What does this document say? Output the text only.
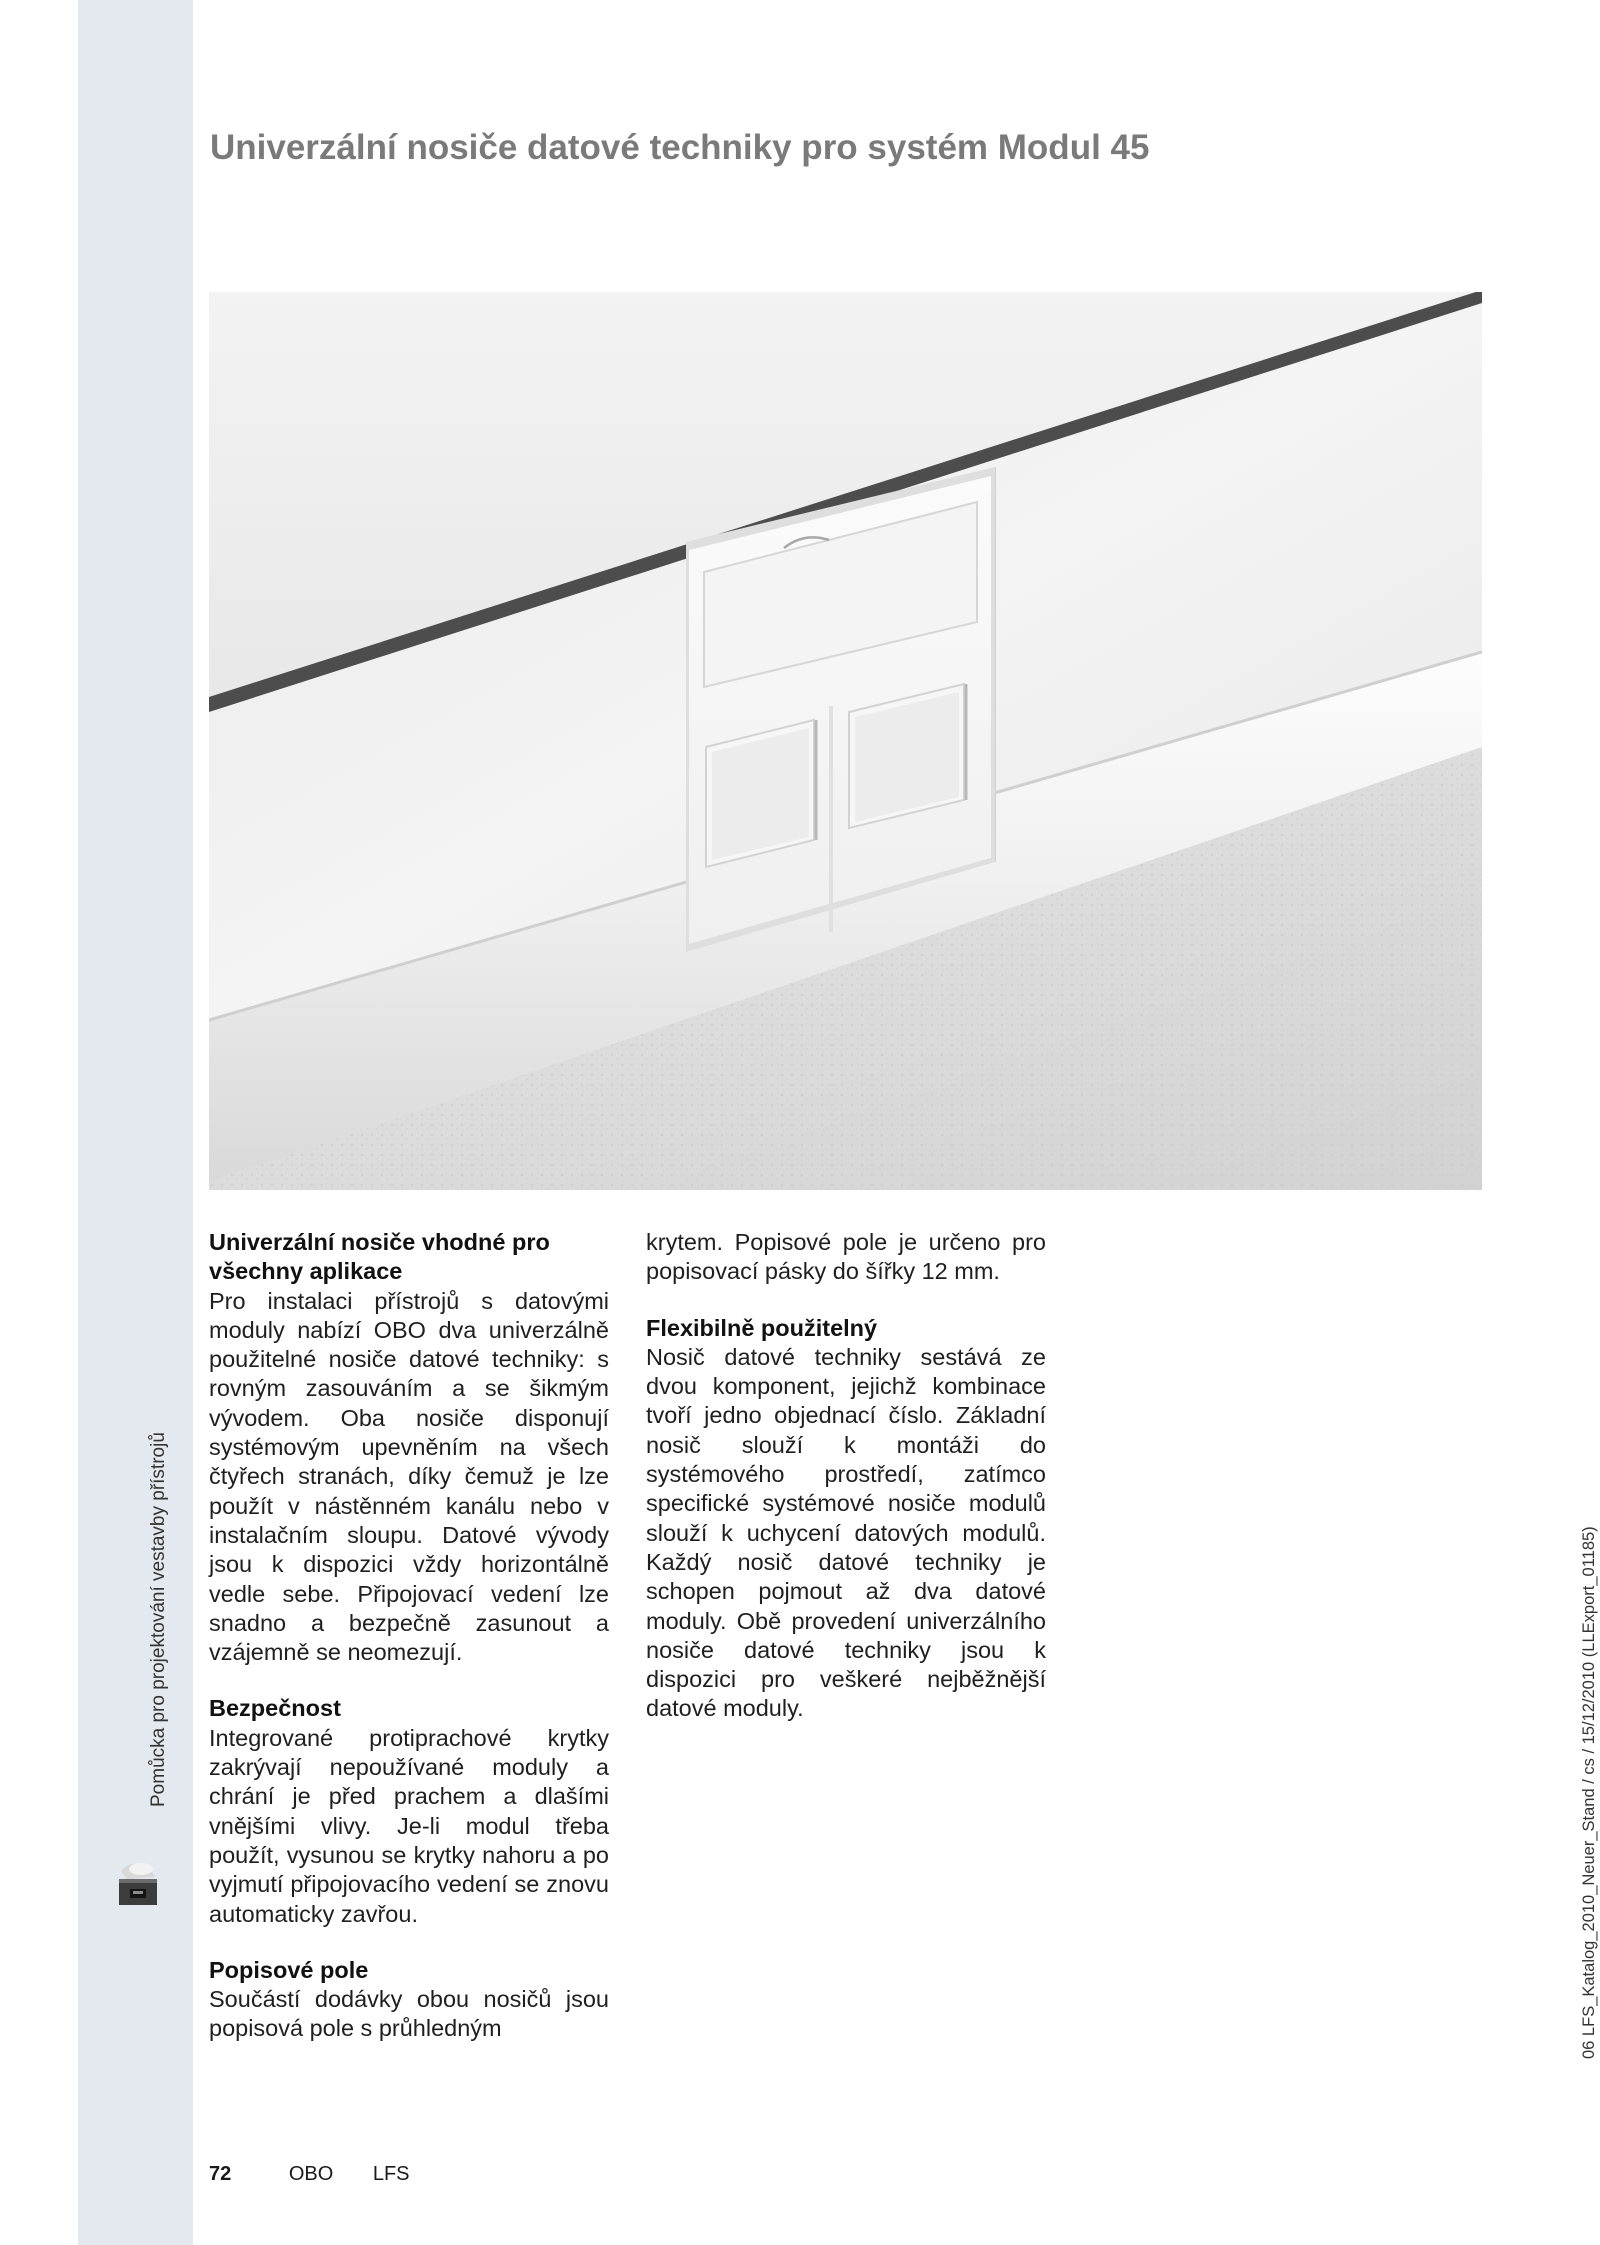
Pomůcka pro projektování vestavby přístrojů
Univerzální nosiče datové techniky pro systém Modul 45
Univerzální nosiče vhodné pro všechny aplikace

Pro instalaci přístrojů s datovými moduly nabízí OBO dva univerzálně použitelné nosiče datové techniky: s rovným zasouváním a se šikmým vývodem. Oba nosiče disponují systémovým upevněním na všech čtyřech stranách, díky čemuž je lze použít v nástěnném kanálu nebo v instalačním sloupu. Datové vývody jsou k dispozici vždy horizontálně vedle sebe. Připojovací vedení lze snadno a bezpečně zasunout a vzájemně se neomezují.

Bezpečnost

Integrované protiprachové krytky zakrývají nepoužívané moduly a chrání je před prachem a dlašími vnějšími vlivy. Je-li modul třeba použít, vysunou se krytky nahoru a po vyjmutí připojovacího vedení se znovu automaticky zavřou.

Popisové pole

Součástí dodávky obou nosičů jsou popisová pole s průhledným

krytem. Popisové pole je určeno pro popisovací pásky do šířky 12 mm.

Flexibilně použitelný

Nosič datové techniky sestává ze dvou komponent, jejichž kombinace tvoří jedno objednací číslo. Základní nosič slouží k montáži do systémového prostředí, zatímco specifické systémové nosiče modulů slouží k uchycení datových modulů. Každý nosič datové techniky je schopen pojmout až dva datové moduly. Obě provedení univerzálního nosiče datové techniky jsou k dispozici pro veškeré nejběžnější datové moduly.

72	OBO LFS
06 LFS_Katalog_2010_Neuer_Stand / cs / 15/12/2010 (LLExport_01185)
